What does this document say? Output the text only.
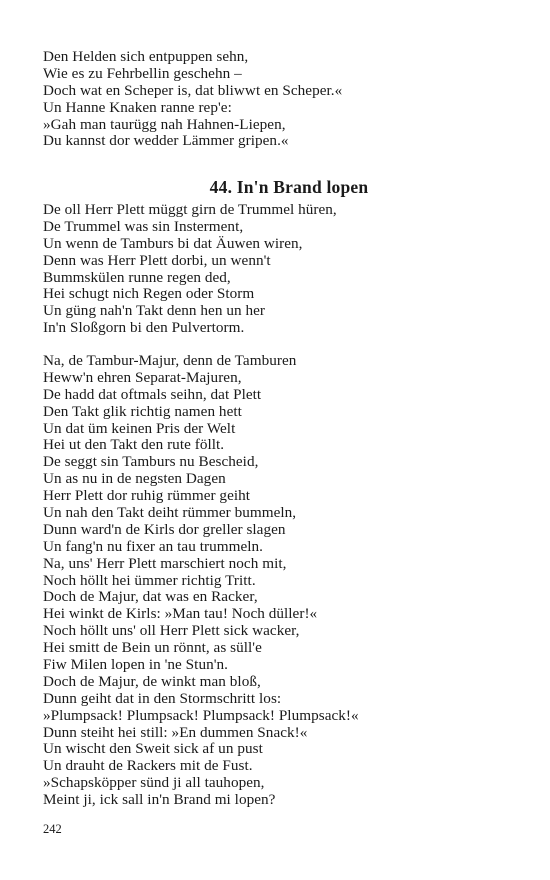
Den Helden sich entpuppen sehn,
Wie es zu Fehrbellin geschehn –
Doch wat en Scheper is, dat bliwwt en Scheper.«
Un Hanne Knaken ranne rep'e:
»Gah man taurügg nah Hahnen-Liepen,
Du kannst dor wedder Lämmer gripen.«
44. In'n Brand lopen
De oll Herr Plett müggt girn de Trummel hüren,
De Trummel was sin Insterment,
Un wenn de Tamburs bi dat Äuwen wiren,
Denn was Herr Plett dorbi, un wenn't
Bummskülen runne regen ded,
Hei schugt nich Regen oder Storm
Un güng nah'n Takt denn hen un her
In'n Sloßgorn bi den Pulvertorm.
Na, de Tambur-Majur, denn de Tamburen
Heww'n ehren Separat-Majuren,
De hadd dat oftmals seihn, dat Plett
Den Takt glik richtig namen hett
Un dat üm keinen Pris der Welt
Hei ut den Takt den rute föllt.
De seggt sin Tamburs nu Bescheid,
Un as nu in de negsten Dagen
Herr Plett dor ruhig rümmer geiht
Un nah den Takt deiht rümmer bummeln,
Dunn ward'n de Kirls dor greller slagen
Un fang'n nu fixer an tau trummeln.
Na, uns' Herr Plett marschiert noch mit,
Noch höllt hei ümmer richtig Tritt.
Doch de Majur, dat was en Racker,
Hei winkt de Kirls: »Man tau! Noch düller!«
Noch höllt uns' oll Herr Plett sick wacker,
Hei smitt de Bein un rönnt, as süll'e
Fiw Milen lopen in 'ne Stun'n.
Doch de Majur, de winkt man bloß,
Dunn geiht dat in den Stormschritt los:
»Plumpsack! Plumpsack! Plumpsack! Plumpsack!«
Dunn steiht hei still: »En dummen Snack!«
Un wischt den Sweit sick af un pust
Un drauht de Rackers mit de Fust.
»Schapsköpper sünd ji all tauhopen,
Meint ji, ick sall in'n Brand mi lopen?
242
